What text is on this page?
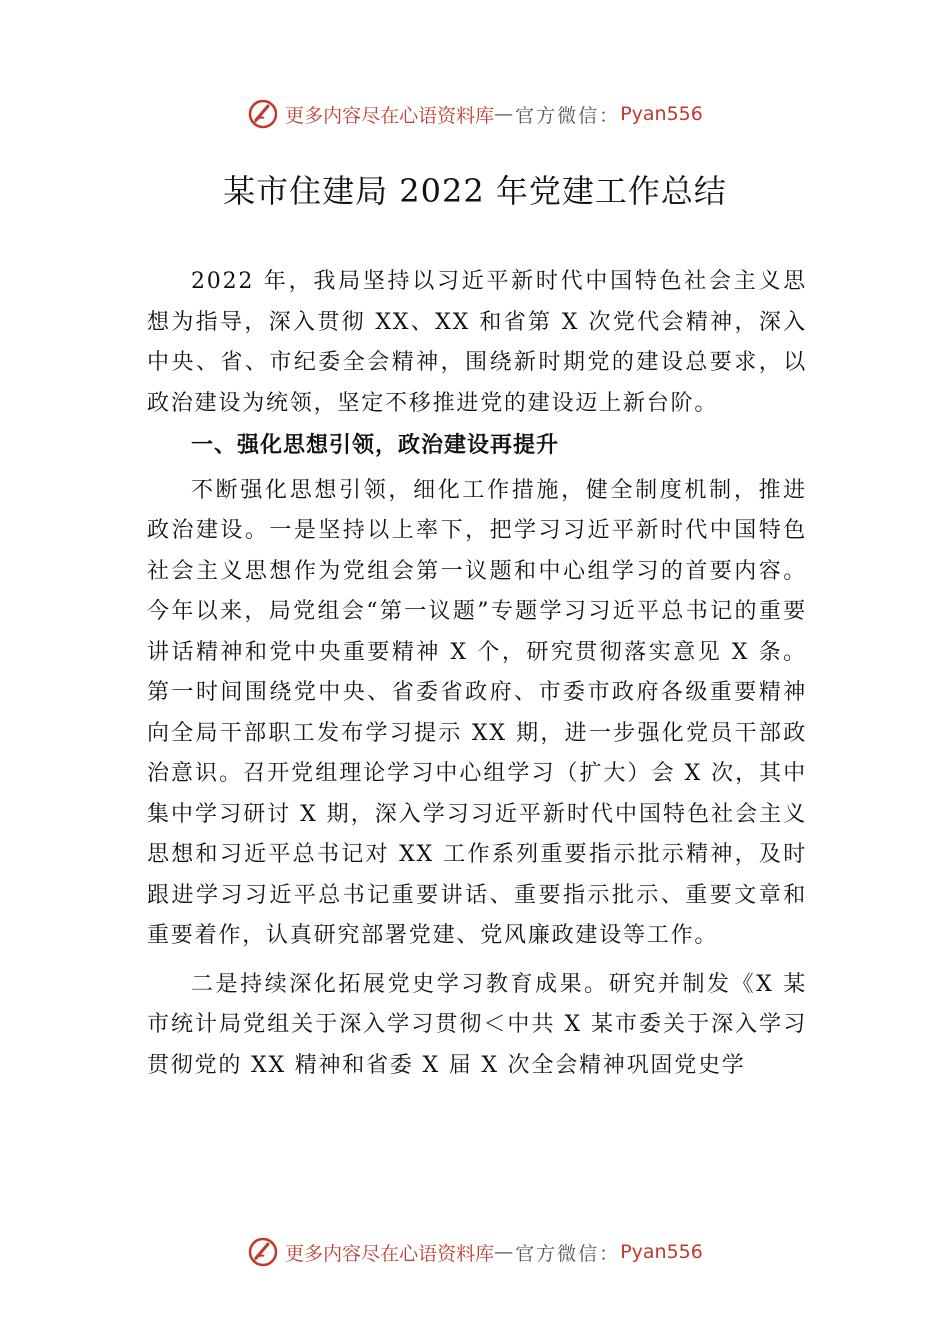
更多内容尽在心语资料库 — 官方微信： Pyan556
某市住建局 2022 年党建工作总结

2022 年，我局坚持以习近平新时代中国特色社会主义思想为指导，深入贯彻 XX、XX 和省第 X 次党代会精神，深入中央、省、市纪委全会精神，围绕新时期党的建设总要求，以政治建设为统领，坚定不移推进党的建设迈上新台阶。

一、强化思想引领，政治建设再提升

不断强化思想引领，细化工作措施，健全制度机制，推进政治建设。一是坚持以上率下，把学习习近平新时代中国特色社会主义思想作为党组会第一议题和中心组学习的首要内容。今年以来，局党组会“第一议题”专题学习习近平总书记的重要讲话精神和党中央重要精神 X 个，研究贯彻落实意见 X 条。第一时间围绕党中央、省委省政府、市委市政府各级重要精神向全局干部职工发布学习提示 XX 期，进一步强化党员干部政治意识。召开党组理论学习中心组学习（扩大）会 X 次，其中集中学习研讨 X 期，深入学习习近平新时代中国特色社会主义思想和习近平总书记对 XX 工作系列重要指示批示精神，及时跟进学习习近平总书记重要讲话、重要指示批示、重要文章和重要着作，认真研究部署党建、党风廉政建设等工作。

二是持续深化拓展党史学习教育成果。研究并制发《X 某市统计局党组关于深入学习贯彻＜中共 X 某市委关于深入学习贯彻党的 XX 精神和省委 X 届 X 次全会精神巩固党史学

更多内容尽在心语资料库 — 官方微信： Pyan556
